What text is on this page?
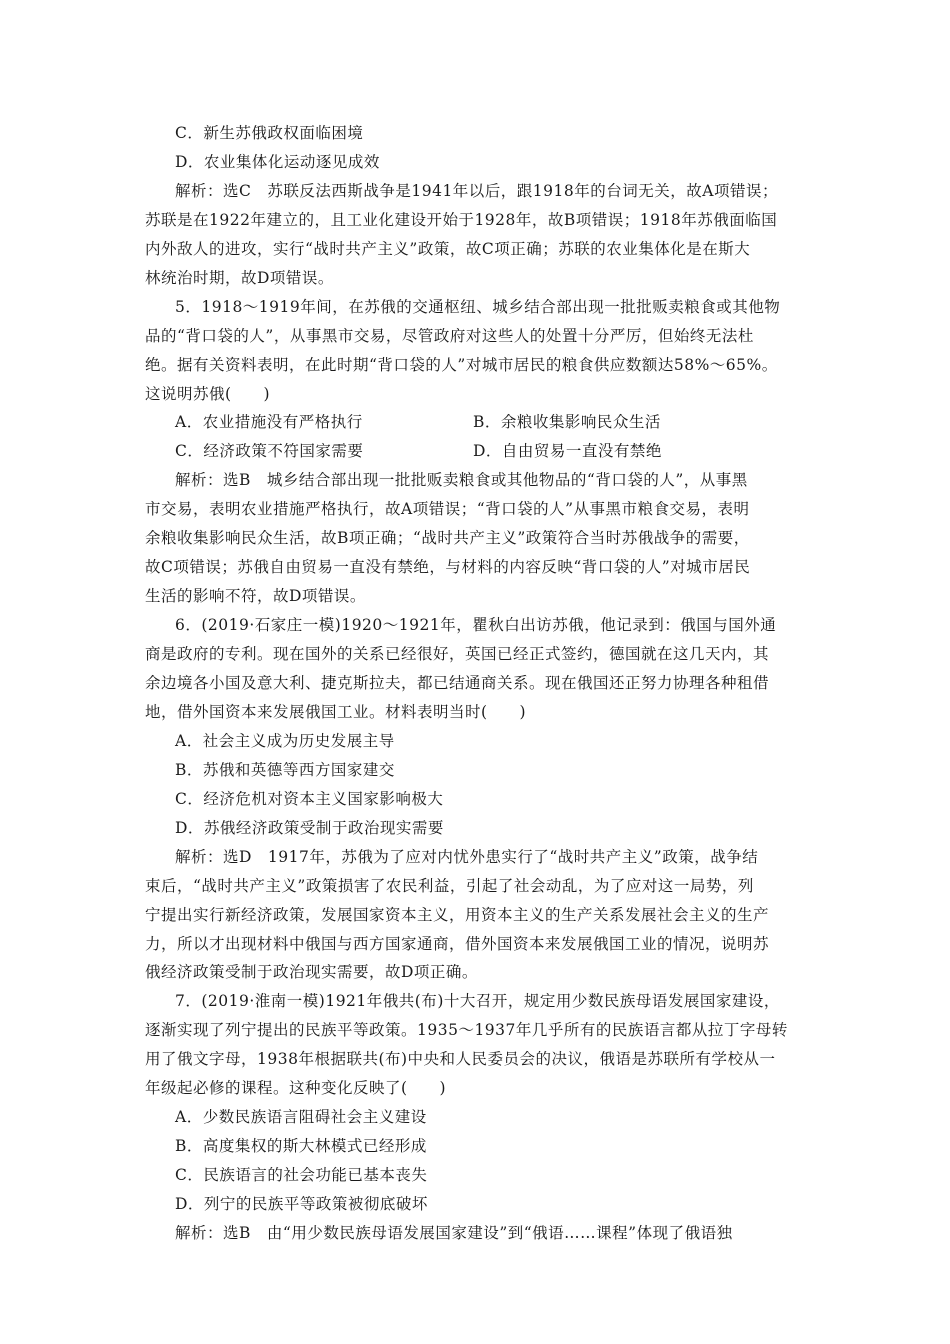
C．新生苏俄政权面临困境
D．农业集体化运动逐见成效
解析：选C　苏联反法西斯战争是1941年以后，跟1918年的台词无关，故A项错误；
苏联是在1922年建立的，且工业化建设开始于1928年，故B项错误；1918年苏俄面临国
内外敌人的进攻，实行“战时共产主义”政策，故C项正确；苏联的农业集体化是在斯大
林统治时期，故D项错误。
5．1918～1919年间，在苏俄的交通枢纽、城乡结合部出现一批批贩卖粮食或其他物
品的“背口袋的人”，从事黑市交易，尽管政府对这些人的处置十分严厉，但始终无法杜
绝。据有关资料表明，在此时期“背口袋的人”对城市居民的粮食供应数额达58%～65%。
这说明苏俄(　　)
A．农业措施没有严格执行	B．余粮收集影响民众生活
C．经济政策不符国家需要	D．自由贸易一直没有禁绝
解析：选B　城乡结合部出现一批批贩卖粮食或其他物品的“背口袋的人”，从事黑
市交易，表明农业措施严格执行，故A项错误；“背口袋的人”从事黑市粮食交易，表明
余粮收集影响民众生活，故B项正确；“战时共产主义”政策符合当时苏俄战争的需要，
故C项错误；苏俄自由贸易一直没有禁绝，与材料的内容反映“背口袋的人”对城市居民
生活的影响不符，故D项错误。
6．(2019·石家庄一模)1920～1921年，瞿秋白出访苏俄，他记录到：俄国与国外通
商是政府的专利。现在国外的关系已经很好，英国已经正式签约，德国就在这几天内，其
余边境各小国及意大利、捷克斯拉夫，都已结通商关系。现在俄国还正努力协理各种租借
地，借外国资本来发展俄国工业。材料表明当时(　　)
A．社会主义成为历史发展主导
B．苏俄和英德等西方国家建交
C．经济危机对资本主义国家影响极大
D．苏俄经济政策受制于政治现实需要
解析：选D　1917年，苏俄为了应对内忧外患实行了“战时共产主义”政策，战争结
束后，“战时共产主义”政策损害了农民利益，引起了社会动乱，为了应对这一局势，列
宁提出实行新经济政策，发展国家资本主义，用资本主义的生产关系发展社会主义的生产
力，所以才出现材料中俄国与西方国家通商，借外国资本来发展俄国工业的情况，说明苏
俄经济政策受制于政治现实需要，故D项正确。
7．(2019·淮南一模)1921年俄共(布)十大召开，规定用少数民族母语发展国家建设，
逐渐实现了列宁提出的民族平等政策。1935～1937年几乎所有的民族语言都从拉丁字母转
用了俄文字母，1938年根据联共(布)中央和人民委员会的决议，俄语是苏联所有学校从一
年级起必修的课程。这种变化反映了(　　)
A．少数民族语言阻碍社会主义建设
B．高度集权的斯大林模式已经形成
C．民族语言的社会功能已基本丧失
D．列宁的民族平等政策被彻底破坏
解析：选B　由“用少数民族母语发展国家建设”到“俄语……课程”体现了俄语独
